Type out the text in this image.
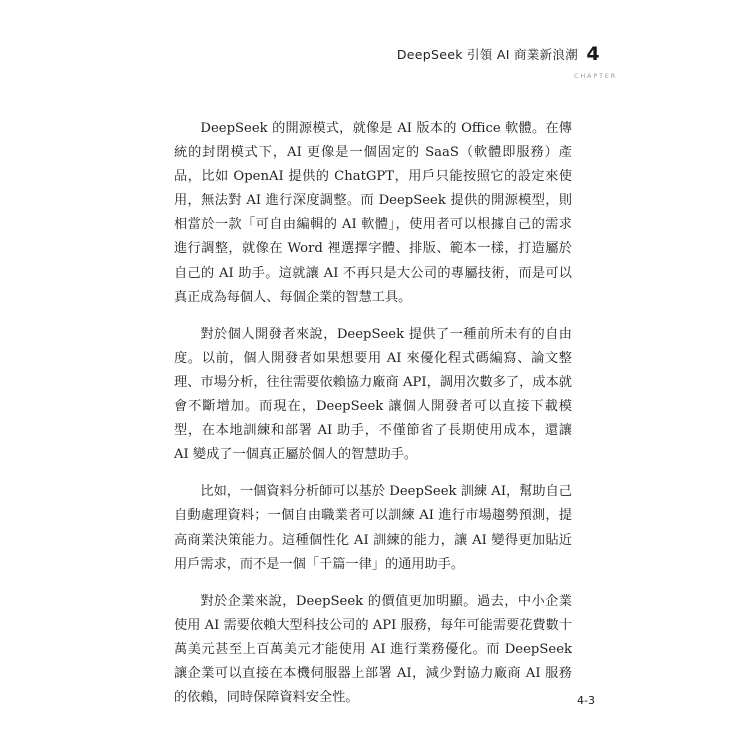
DeepSeek 引領 AI 商業新浪潮 4
CHAPTER

DeepSeek 的開源模式，就像是 AI 版本的 Office 軟體。在傳統的封閉模式下，AI 更像是一個固定的 SaaS（軟體即服務）產品，比如 OpenAI 提供的 ChatGPT，用戶只能按照它的設定來使用，無法對 AI 進行深度調整。而 DeepSeek 提供的開源模型，則相當於一款「可自由編輯的 AI 軟體」，使用者可以根據自己的需求進行調整，就像在 Word 裡選擇字體、排版、範本一樣，打造屬於自己的 AI 助手。這就讓 AI 不再只是大公司的專屬技術，而是可以真正成為每個人、每個企業的智慧工具。

對於個人開發者來說，DeepSeek 提供了一種前所未有的自由度。以前，個人開發者如果想要用 AI 來優化程式碼編寫、論文整理、市場分析，往往需要依賴協力廠商 API，調用次數多了，成本就會不斷增加。而現在，DeepSeek 讓個人開發者可以直接下載模型，在本地訓練和部署 AI 助手，不僅節省了長期使用成本，還讓 AI 變成了一個真正屬於個人的智慧助手。

比如，一個資料分析師可以基於 DeepSeek 訓練 AI，幫助自己自動處理資料；一個自由職業者可以訓練 AI 進行市場趨勢預測，提高商業決策能力。這種個性化 AI 訓練的能力，讓 AI 變得更加貼近用戶需求，而不是一個「千篇一律」的通用助手。

對於企業來說，DeepSeek 的價值更加明顯。過去，中小企業使用 AI 需要依賴大型科技公司的 API 服務，每年可能需要花費數十萬美元甚至上百萬美元才能使用 AI 進行業務優化。而 DeepSeek 讓企業可以直接在本機伺服器上部署 AI，減少對協力廠商 AI 服務的依賴，同時保障資料安全性。	4-3
